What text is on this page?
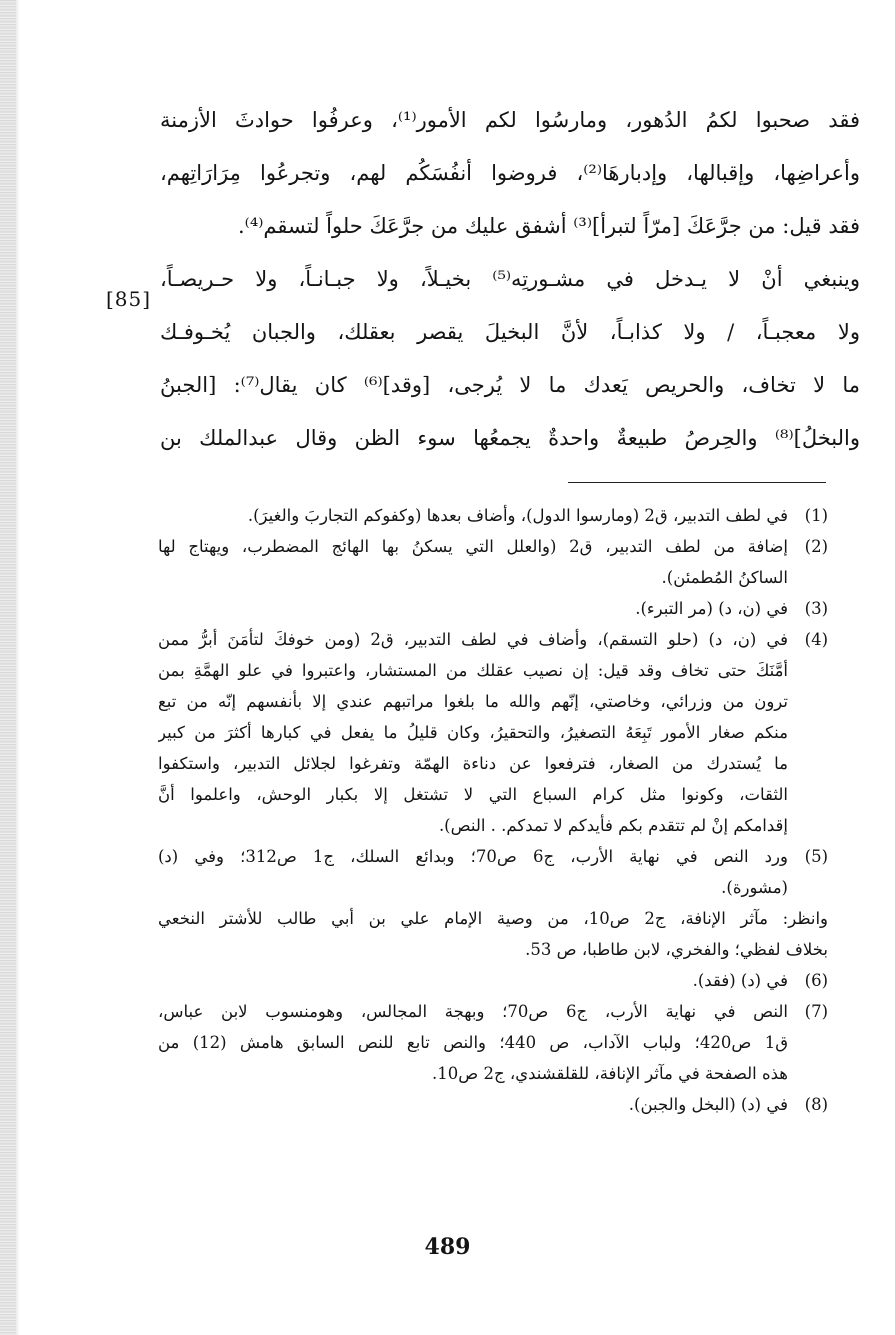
فقد صحبوا لكمُ الدُهور، ومارسُوا لكم الأمور⁽¹⁾، وعرفُوا حوادثَ الأزمنة
وأعراضِها، وإقبالها، وإدبارهَا⁽²⁾، فروضوا أنفُسَكُم لهم، وتجرعُوا مِرَارَاتِهم،
فقد قيل: من جرَّعَكَ [مرّاً لتبرأ]⁽³⁾ أشفق عليك من جرَّعَكَ حلواً لتسقم⁽⁴⁾.
وينبغي أنْ لا يـدخل في مشـورتِه⁽⁵⁾ بخيـلاً، ولا جبـانـاً، ولا حـريصـاً،
ولا معجبـاً، / ولا كذابـاً، لأنَّ البخيلَ يقصر بعقلك، والجبان يُخـوفـك
ما لا تخاف، والحريص يَعدك ما لا يُرجى، [وقد]⁽⁶⁾ كان يقال⁽⁷⁾: [الجبنُ
والبخلُ]⁽⁸⁾ والحِرصُ طبيعةٌ واحدةٌ يجمعُها سوء الظن وقال عبدالملك بن
[85]
(1)
في لطف التدبير، ق2 (ومارسوا الدول)، وأضاف بعدها (وكفوكم التجاربَ والغيرَ).
(2)
إضافة من لطف التدبير، ق2 (والعلل التي يسكنُ بها الهائج المضطرب، ويهتاج لها
الساكنُ المُطمئن).
(3)
في (ن، د) (مر التبرء).
(4)
في (ن، د) (حلو التسقم)، وأضاف في لطف التدبير، ق2 (ومن خوفكَ لتأمَنَ أبرُّ ممن
أمَّنَكَ حتى تخاف وقد قيل: إن نصيب عقلك من المستشار، واعتبروا في علو الهمَّةِ بمن
ترون من وزرائي، وخاصتي، إنّهم والله ما بلغوا مراتبهم عندي إلا بأنفسهم إنّه من تبع
منكم صغار الأمور تَبِعَهُ التصغيرُ، والتحقيرُ، وكان قليلُ ما يفعل في كبارها أكثرَ من كبير
ما يُستدرك من الصغار، فترفعوا عن دناءة الهمّة وتفرغوا لجلائل التدبير، واستكفوا
الثقات، وكونوا مثل كرام السباع التي لا تشتغل إلا بكبار الوحش، واعلموا أنَّ
إقدامكم إنْ لم تتقدم بكم فأيدكم لا تمدكم. . النص).
(5)
ورد النص في نهاية الأرب، ج6 ص70؛ وبدائع السلك، ج1 ص312؛ وفي (د)
(مشورة).
وانظر: مآثر الإنافة، ج2 ص10، من وصية الإمام علي بن أبي طالب للأشتر النخعي
بخلاف لفظي؛ والفخري، لابن طاطبا، ص 53.
(6)
في (د) (فقد).
(7)
النص في نهاية الأرب، ج6 ص70؛ وبهجة المجالس، وهومنسوب لابن عباس،
ق1 ص420؛ ولباب الآداب، ص 440؛ والنص تابع للنص السابق هامش (12) من
هذه الصفحة في مآثر الإنافة، للقلقشندي، ج2 ص10.
(8)
في (د) (البخل والجبن).
489
